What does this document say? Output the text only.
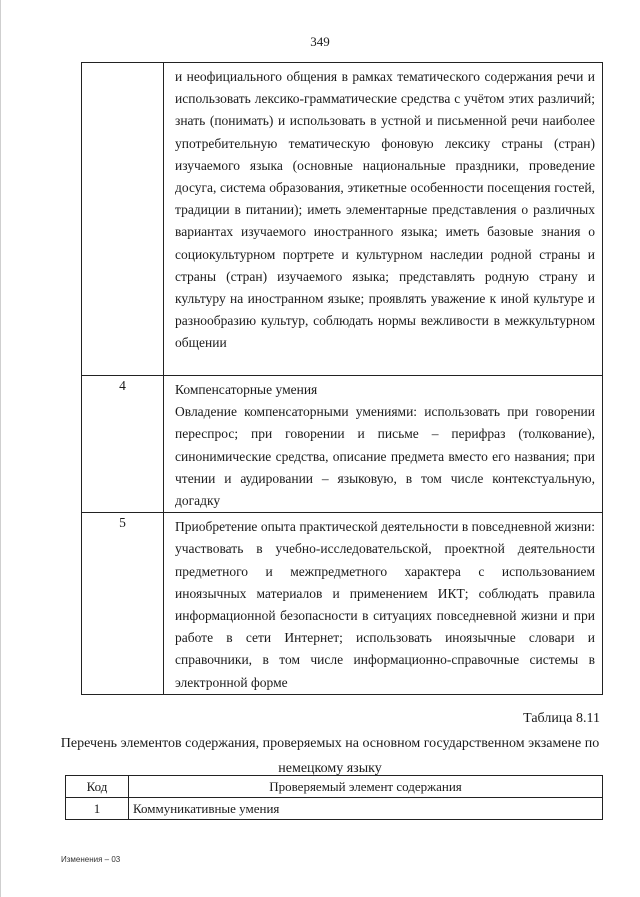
349

	и неофициального общения в рамках тематического содержания речи и использовать лексико-грамматические средства с учётом этих различий; знать (понимать) и использовать в устной и письменной речи наиболее употребительную тематическую фоновую лексику страны (стран) изучаемого языка (основные национальные праздники, проведение досуга, система образования, этикетные особенности посещения гостей, традиции в питании); иметь элементарные представления о различных вариантах изучаемого иностранного языка; иметь базовые знания о социокультурном портрете и культурном наследии родной страны и страны (стран) изучаемого языка; представлять родную страну и культуру на иностранном языке; проявлять уважение к иной культуре и разнообразию культур, соблюдать нормы вежливости в межкультурном общении

4	Компенсаторные умения

Овладение компенсаторными умениями: использовать при говорении переспрос; при говорении и письме – перифраз (толкование), синонимические средства, описание предмета вместо его названия; при чтении и аудировании – языковую, в том числе контекстуальную, догадку

5	Приобретение опыта практической деятельности в повседневной жизни: участвовать в учебно-исследовательской, проектной деятельности предметного и межпредметного характера с использованием иноязычных материалов и применением ИКТ; соблюдать правила информационной безопасности в ситуациях повседневной жизни и при работе в сети Интернет; использовать иноязычные словари и справочники, в том числе информационно-справочные системы в электронной форме

Таблица 8.11
Перечень элементов содержания, проверяемых на основном государственном экзамене по немецкому языку
Код	Проверяемый элемент содержания
1	Коммуникативные умения
Изменения – 03
